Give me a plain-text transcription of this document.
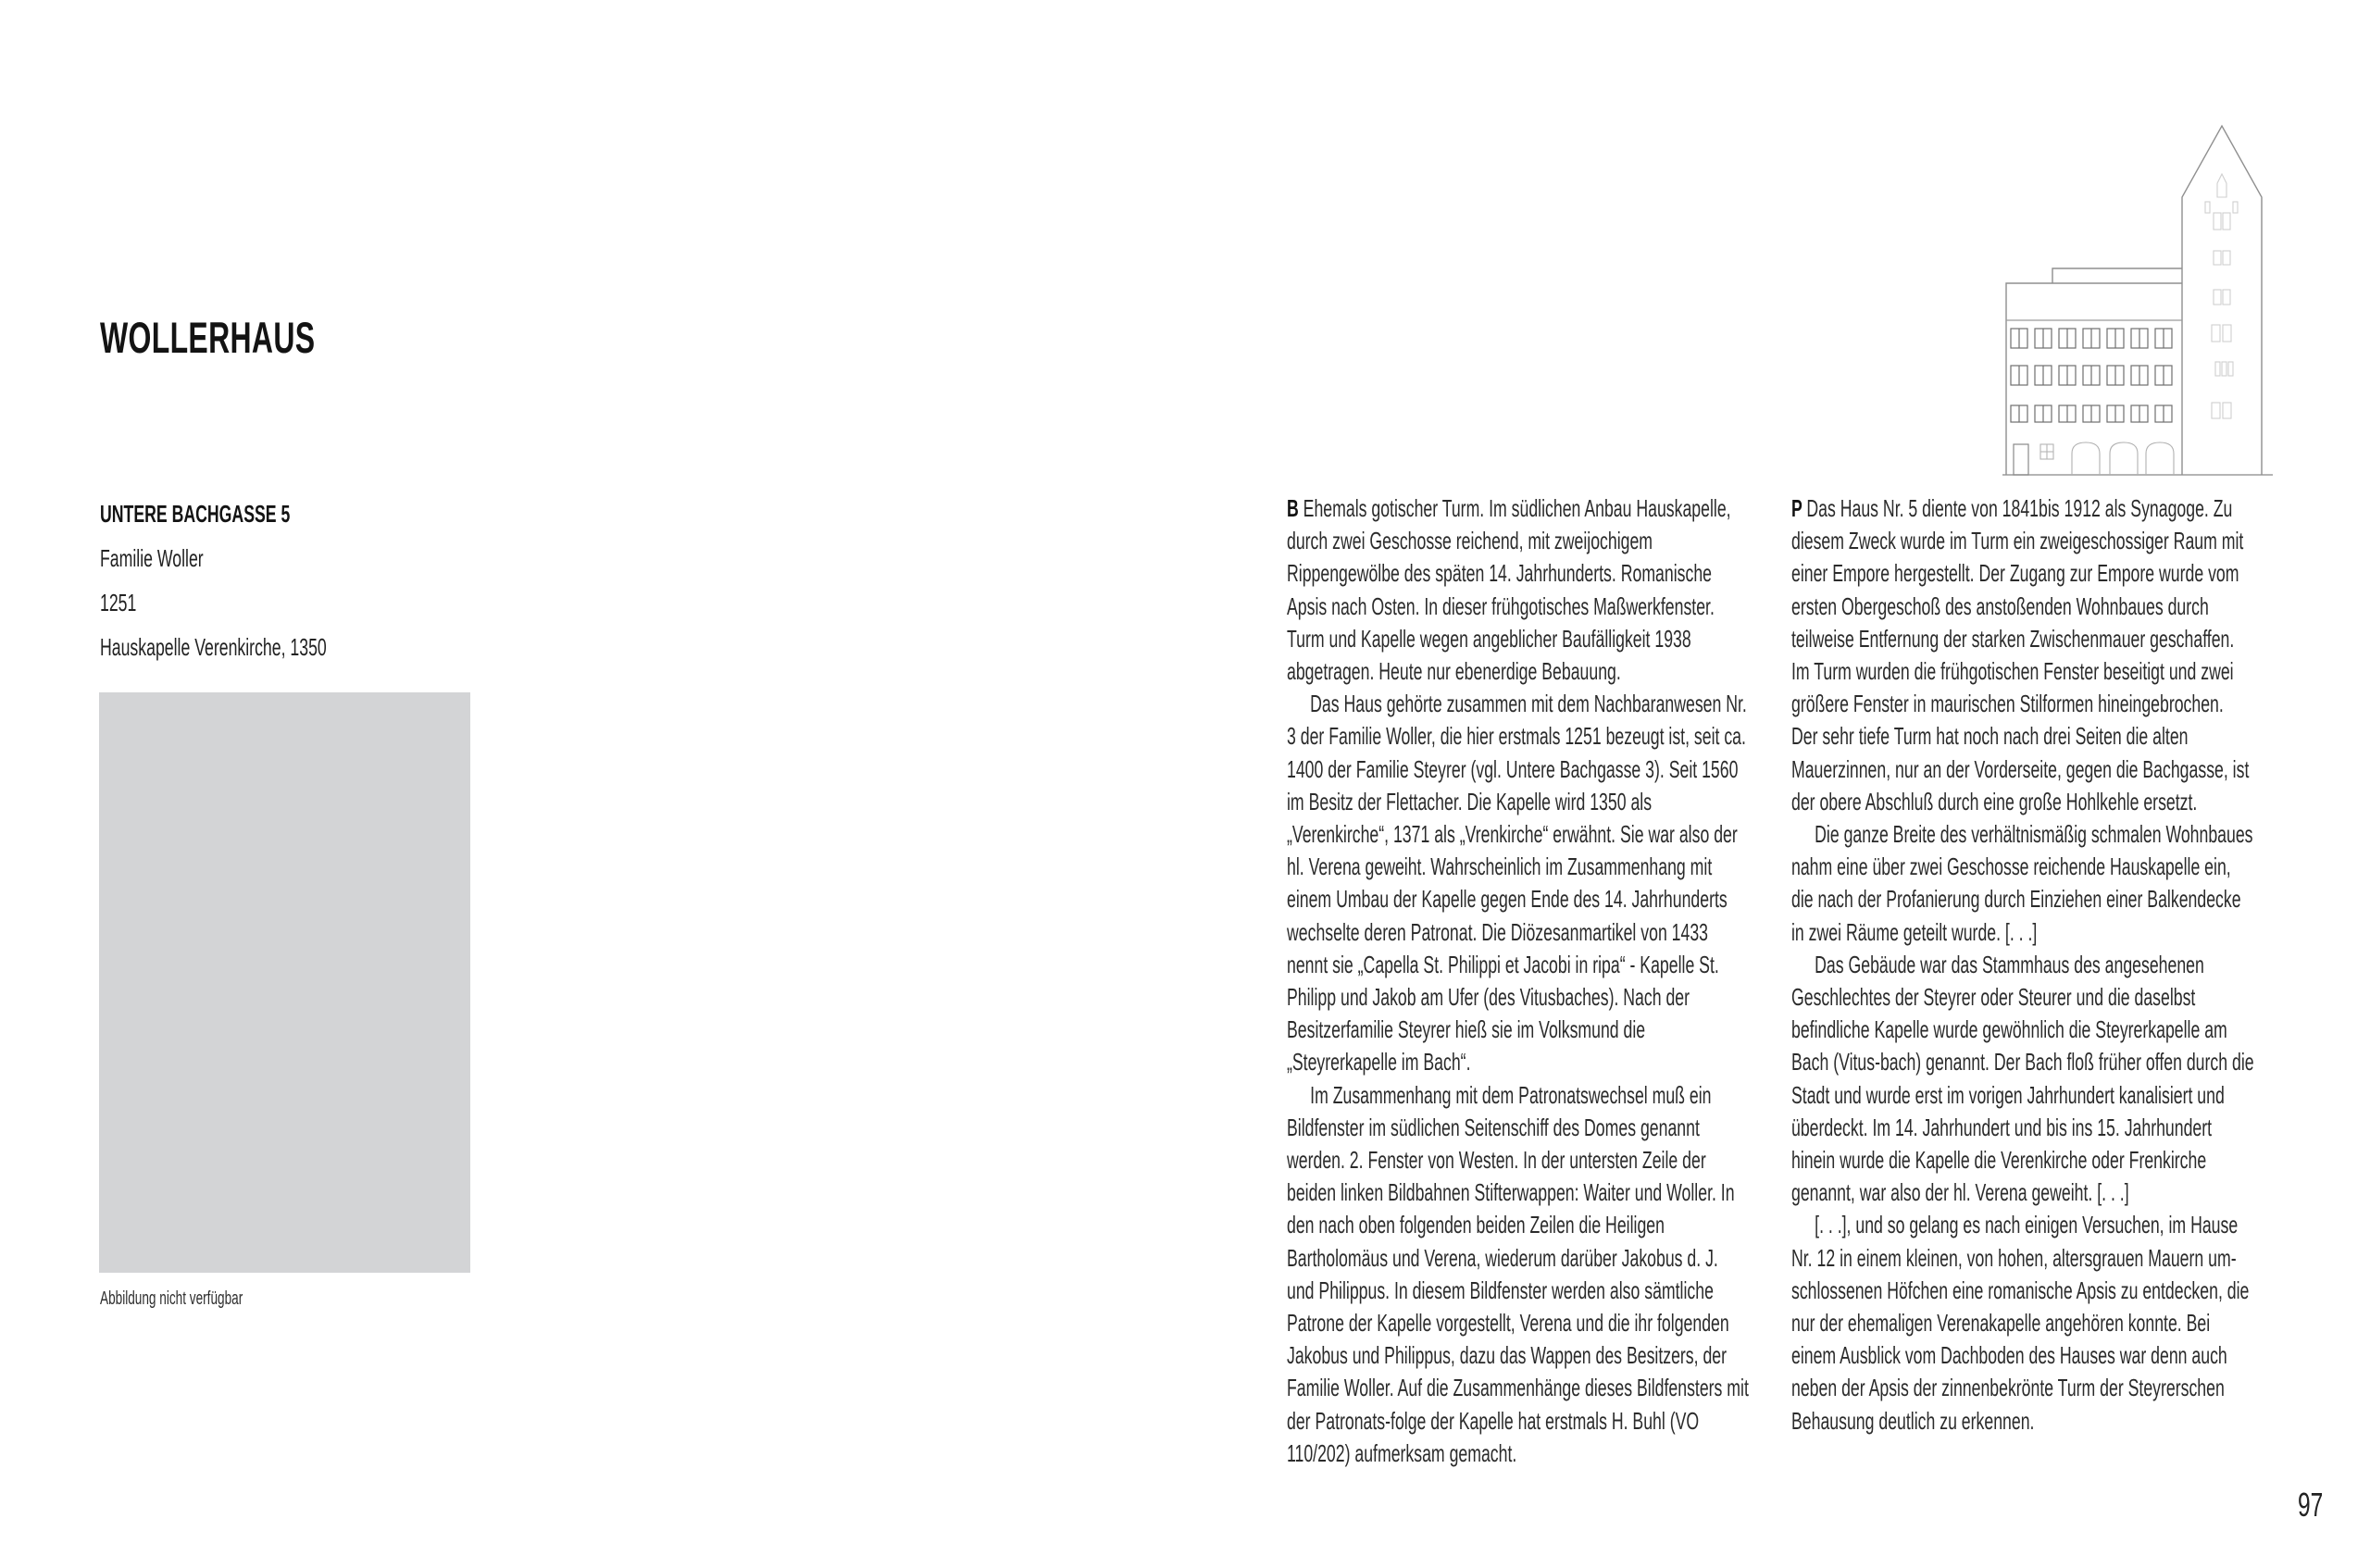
WOLLERHAUS
UNTERE BACHGASSE 5
Familie Woller
1251
Hauskapelle Verenkirche, 1350
Abbildung nicht verfügbar

B Ehemals gotischer Turm. Im südlichen Anbau Hauskapelle, durch zwei Geschosse reichend, mit zweijochigem Rippengewölbe des späten 14. Jahrhunderts. Romanische Apsis nach Osten. In dieser frühgotisches Maßwerkfenster. Turm und Kapelle wegen angeblicher Baufälligkeit 1938 abgetragen. Heute nur ebenerdige Bebauung.

Das Haus gehörte zusammen mit dem Nachbaranwesen Nr. 3 der Familie Woller, die hier erstmals 1251 bezeugt ist, seit ca. 1400 der Familie Steyrer (vgl. Untere Bachgasse 3). Seit 1560 im Besitz der Flettacher. Die Kapelle wird 1350 als „Verenkirche“, 1371 als „Vrenkirche“ erwähnt. Sie war also der hl. Verena geweiht. Wahrscheinlich im Zusammenhang mit einem Umbau der Kapelle gegen Ende des 14. Jahrhunderts wechselte deren Patronat. Die Diözesanmartikel von 1433 nennt sie „Capella St. Philippi et Jacobi in ripa“ - Kapelle St. Philipp und Jakob am Ufer (des Vitusbaches). Nach der Besitzerfamilie Steyrer hieß sie im Volksmund die „Steyrerkapelle im Bach“.

Im Zusammenhang mit dem Patronatswechsel muß ein Bildfenster im südlichen Seitenschiff des Domes genannt werden. 2. Fenster von Westen. In der untersten Zeile der beiden linken Bildbahnen Stifterwappen: Waiter und Woller. In den nach oben folgenden beiden Zeilen die Heiligen Bartholomäus und Verena, wiederum darüber Jakobus d. J. und Philippus. In diesem Bildfenster werden also sämtliche Patrone der Kapelle vorgestellt, Verena und die ihr folgenden Jakobus und Philippus, dazu das Wappen des Besitzers, der Familie Woller. Auf die Zusammenhänge dieses Bildfensters mit der Patronats-folge der Kapelle hat erstmals H. Buhl (VO 110/202) aufmerksam gemacht.

P Das Haus Nr. 5 diente von 1841bis 1912 als Synagoge. Zu diesem Zweck wurde im Turm ein zweigeschossiger Raum mit einer Empore hergestellt. Der Zugang zur Empore wurde vom ersten Obergeschoß des anstoßenden Wohnbaues durch teilweise Entfernung der starken Zwischenmauer geschaffen. Im Turm wurden die frühgotischen Fenster beseitigt und zwei größere Fenster in maurischen Stilformen hineingebrochen. Der sehr tiefe Turm hat noch nach drei Seiten die alten Mauerzinnen, nur an der Vorderseite, gegen die Bachgasse, ist der obere Abschluß durch eine große Hohlkehle ersetzt.

Die ganze Breite des verhältnismäßig schmalen Wohnbaues nahm eine über zwei Geschosse reichende Hauskapelle ein, die nach der Profanierung durch Einziehen einer Balkendecke in zwei Räume geteilt wurde. [. . .]

Das Gebäude war das Stammhaus des angesehenen Geschlechtes der Steyrer oder Steurer und die daselbst befindliche Kapelle wurde gewöhnlich die Steyrerkapelle am Bach (Vitus-bach) genannt. Der Bach floß früher offen durch die Stadt und wurde erst im vorigen Jahrhundert kanalisiert und überdeckt. Im 14. Jahrhundert und bis ins 15. Jahrhundert hinein wurde die Kapelle die Verenkirche oder Frenkirche genannt, war also der hl. Verena geweiht. [. . .]

[. . .], und so gelang es nach einigen Versuchen, im Hause Nr. 12 in einem kleinen, von hohen, altersgrauen Mauern um-schlossenen Höfchen eine romanische Apsis zu entdecken, die nur der ehemaligen Verenakapelle angehören konnte. Bei einem Ausblick vom Dachboden des Hauses war denn auch neben der Apsis der zinnenbekrönte Turm der Steyrerschen Behausung deutlich zu erkennen.

97
